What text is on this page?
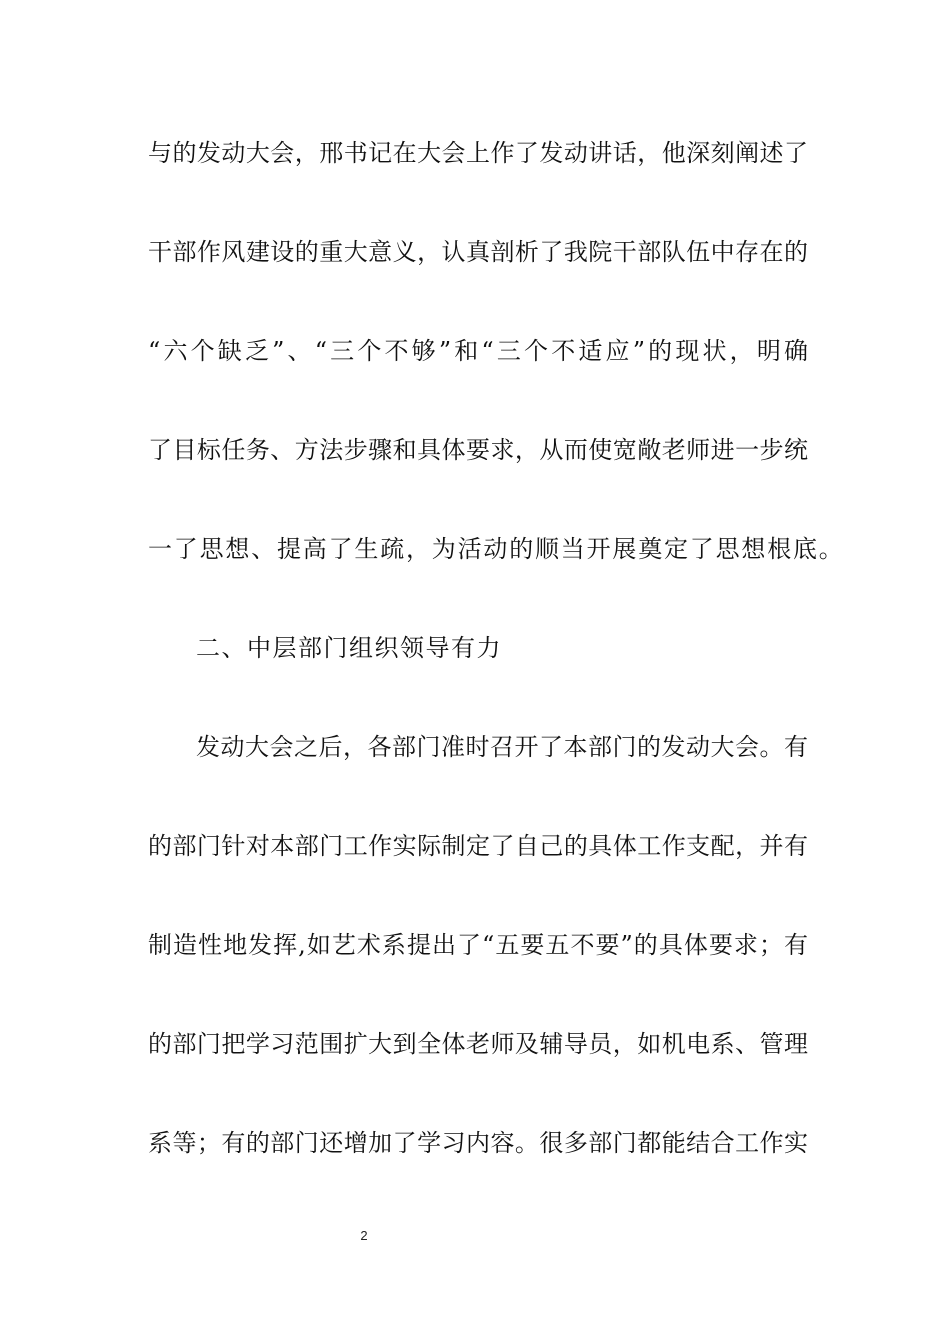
与的发动大会，邢书记在大会上作了发动讲话，他深刻阐述了
干部作风建设的重大意义，认真剖析了我院干部队伍中存在的
“六个缺乏”、“三个不够”和“三个不适应”的现状，明确
了目标任务、方法步骤和具体要求，从而使宽敞老师进一步统
一了思想、提高了生疏，为活动的顺当开展奠定了思想根底。
二、中层部门组织领导有力
发动大会之后，各部门准时召开了本部门的发动大会。有
的部门针对本部门工作实际制定了自己的具体工作支配，并有
制造性地发挥,如艺术系提出了“五要五不要”的具体要求；有
的部门把学习范围扩大到全体老师及辅导员，如机电系、管理
系等；有的部门还增加了学习内容。很多部门都能结合工作实
2
